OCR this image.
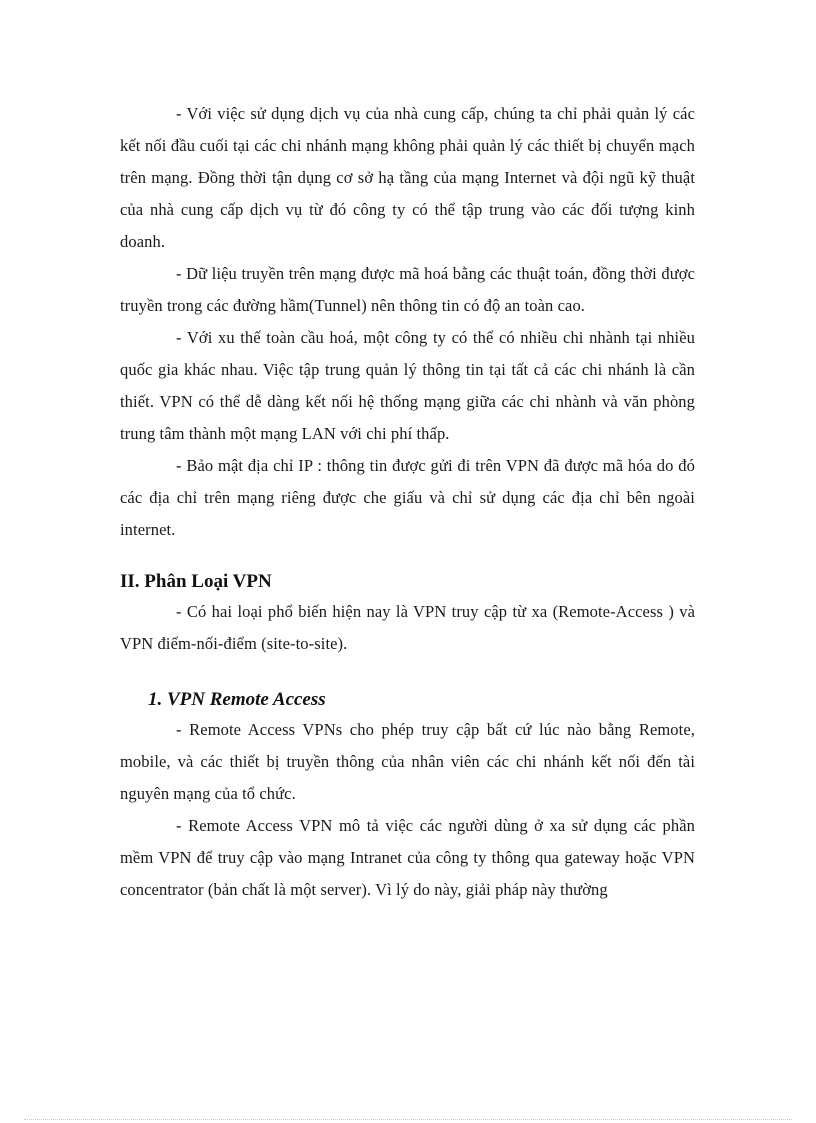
- Với việc sử dụng dịch vụ của nhà cung cấp, chúng ta chỉ phải quản lý các kết nối đầu cuối tại các chi nhánh mạng không phải quản lý các thiết bị chuyển mạch trên mạng. Đồng thời tận dụng cơ sở hạ tầng của mạng Internet và đội ngũ kỹ thuật của nhà cung cấp dịch vụ từ đó công ty có thể tập trung vào các đối tượng kinh doanh.

- Dữ liệu truyền trên mạng được mã hoá bằng các thuật toán, đồng thời được truyền trong các đường hầm(Tunnel) nên thông tin có độ an toàn cao.

- Với xu thế toàn cầu hoá, một công ty có thể có nhiều chi nhành tại nhiều quốc gia khác nhau. Việc tập trung quản lý thông tin tại tất cả các chi nhánh là cần thiết. VPN có thể dễ dàng kết nối hệ thống mạng giữa các chi nhành và văn phòng trung tâm thành một mạng LAN với chi phí thấp.

- Bảo mật địa chỉ IP : thông tin được gửi đi trên VPN đã được mã hóa do đó các địa chỉ trên mạng riêng được che giấu và chỉ sử dụng các địa chỉ bên ngoài internet.

II. Phân Loại VPN

- Có hai loại phổ biến hiện nay là VPN truy cập từ xa (Remote-Access ) và VPN điểm-nối-điểm (site-to-site).

1. VPN Remote Access

- Remote Access VPNs cho phép truy cập bất cứ lúc nào bằng Remote, mobile, và các thiết bị truyền thông của nhân viên các chi nhánh kết nối đến tài nguyên mạng của tổ chức.

- Remote Access VPN mô tả việc các người dùng ở xa sử dụng các phần mềm VPN để truy cập vào mạng Intranet của công ty thông qua gateway hoặc VPN concentrator (bản chất là một server). Vì lý do này, giải pháp này thường
